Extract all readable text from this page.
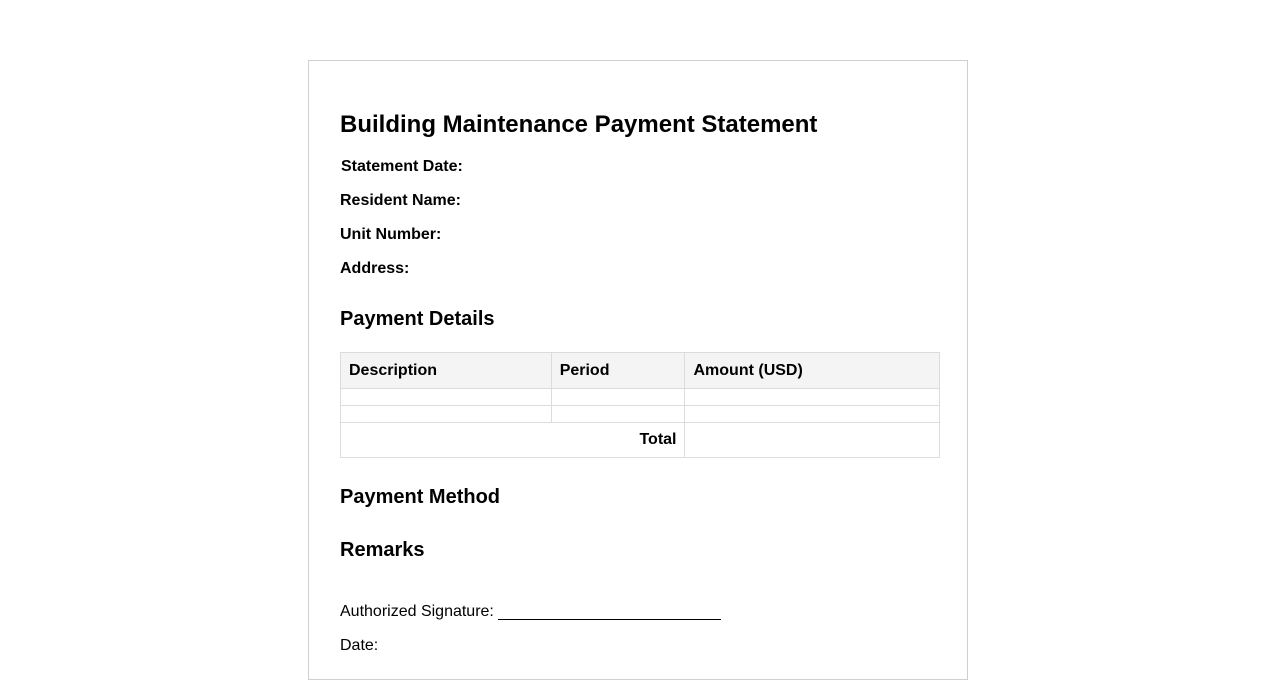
Building Maintenance Payment Statement
Statement Date:
Resident Name:
Unit Number:
Address:
Payment Details
Description	Period	Amount (USD)

Total		
Payment Method
Remarks
Authorized Signature:
Date:
